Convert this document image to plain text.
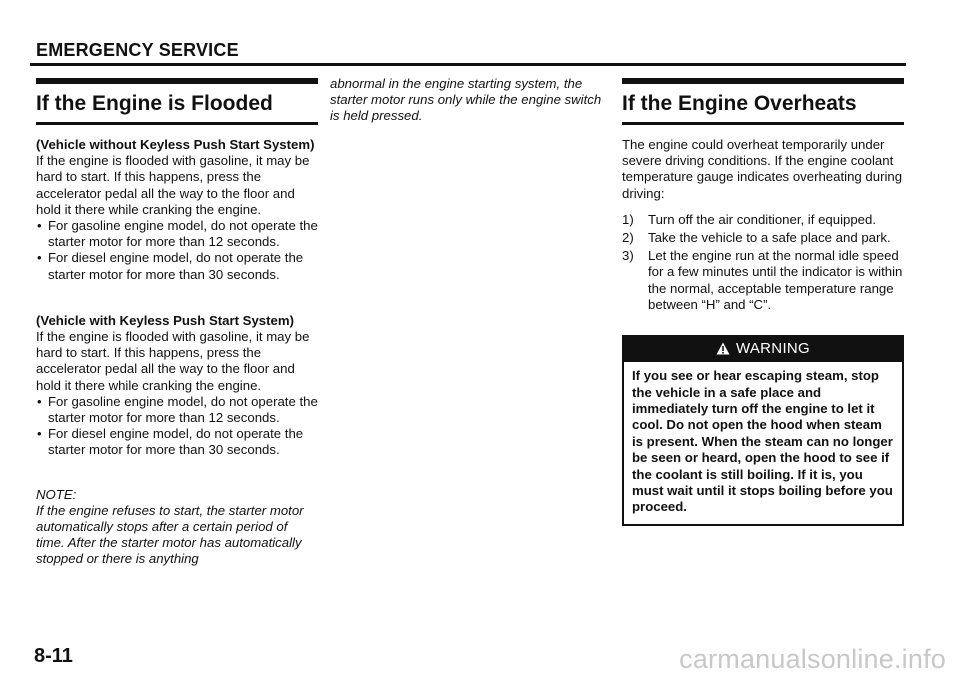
EMERGENCY SERVICE
If the Engine is Flooded
(Vehicle without Keyless Push Start System)

If the engine is flooded with gasoline, it may be hard to start. If this happens, press the accelerator pedal all the way to the floor and hold it there while cranking the engine.

• For gasoline engine model, do not operate the starter motor for more than 12 seconds.
• For diesel engine model, do not operate the starter motor for more than 30 seconds.
(Vehicle with Keyless Push Start System)

If the engine is flooded with gasoline, it may be hard to start. If this happens, press the accelerator pedal all the way to the floor and hold it there while cranking the engine.

• For gasoline engine model, do not operate the starter motor for more than 12 seconds.
• For diesel engine model, do not operate the starter motor for more than 30 seconds.

NOTE:

If the engine refuses to start, the starter motor automatically stops after a certain period of time. After the starter motor has automatically stopped or there is anything

abnormal in the engine starting system, the starter motor runs only while the engine switch is held pressed.

If the Engine Overheats

The engine could overheat temporarily under severe driving conditions. If the engine coolant temperature gauge indicates overheating during driving:

1) Turn off the air conditioner, if equipped.
2) Take the vehicle to a safe place and park.
3) Let the engine run at the normal idle speed for a few minutes until the indicator is within the normal, acceptable temperature range between “H” and “C”.
WARNING
If you see or hear escaping steam, stop the vehicle in a safe place and immediately turn off the engine to let it cool. Do not open the hood when steam is present. When the steam can no longer be seen or heard, open the hood to see if the coolant is still boiling. If it is, you must wait until it stops boiling before you proceed.
8-11	carmanualsonline.info
